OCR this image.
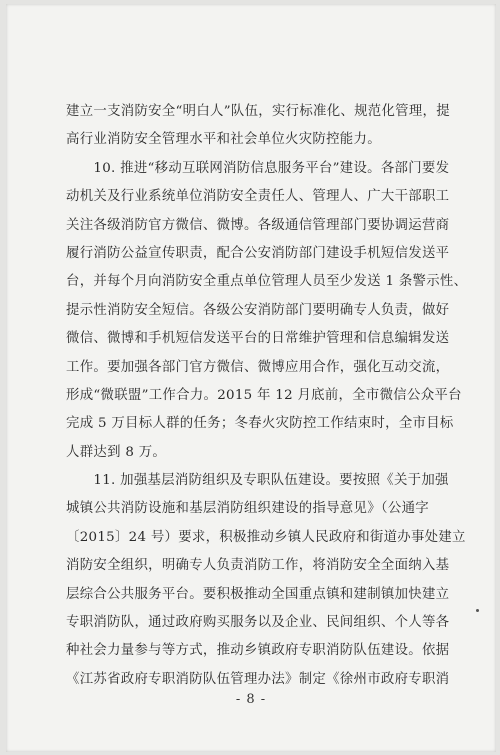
建立一支消防安全“明白人”队伍，实行标准化、规范化管理，提
高行业消防安全管理水平和社会单位火灾防控能力。
　　10. 推进“移动互联网消防信息服务平台”建设。各部门要发
动机关及行业系统单位消防安全责任人、管理人、广大干部职工
关注各级消防官方微信、微博。各级通信管理部门要协调运营商
履行消防公益宣传职责，配合公安消防部门建设手机短信发送平
台，并每个月向消防安全重点单位管理人员至少发送 1 条警示性、
提示性消防安全短信。各级公安消防部门要明确专人负责，做好
微信、微博和手机短信发送平台的日常维护管理和信息编辑发送
工作。要加强各部门官方微信、微博应用合作，强化互动交流，
形成“微联盟”工作合力。2015 年 12 月底前，全市微信公众平台
完成 5 万目标人群的任务；冬春火灾防控工作结束时，全市目标
人群达到 8 万。
　　11. 加强基层消防组织及专职队伍建设。要按照《关于加强
城镇公共消防设施和基层消防组织建设的指导意见》（公通字
〔2015〕24 号）要求，积极推动乡镇人民政府和街道办事处建立
消防安全组织，明确专人负责消防工作，将消防安全全面纳入基
层综合公共服务平台。要积极推动全国重点镇和建制镇加快建立
专职消防队，通过政府购买服务以及企业、民间组织、个人等各
种社会力量参与等方式，推动乡镇政府专职消防队伍建设。依据
《江苏省政府专职消防队伍管理办法》制定《徐州市政府专职消
- 8 -
